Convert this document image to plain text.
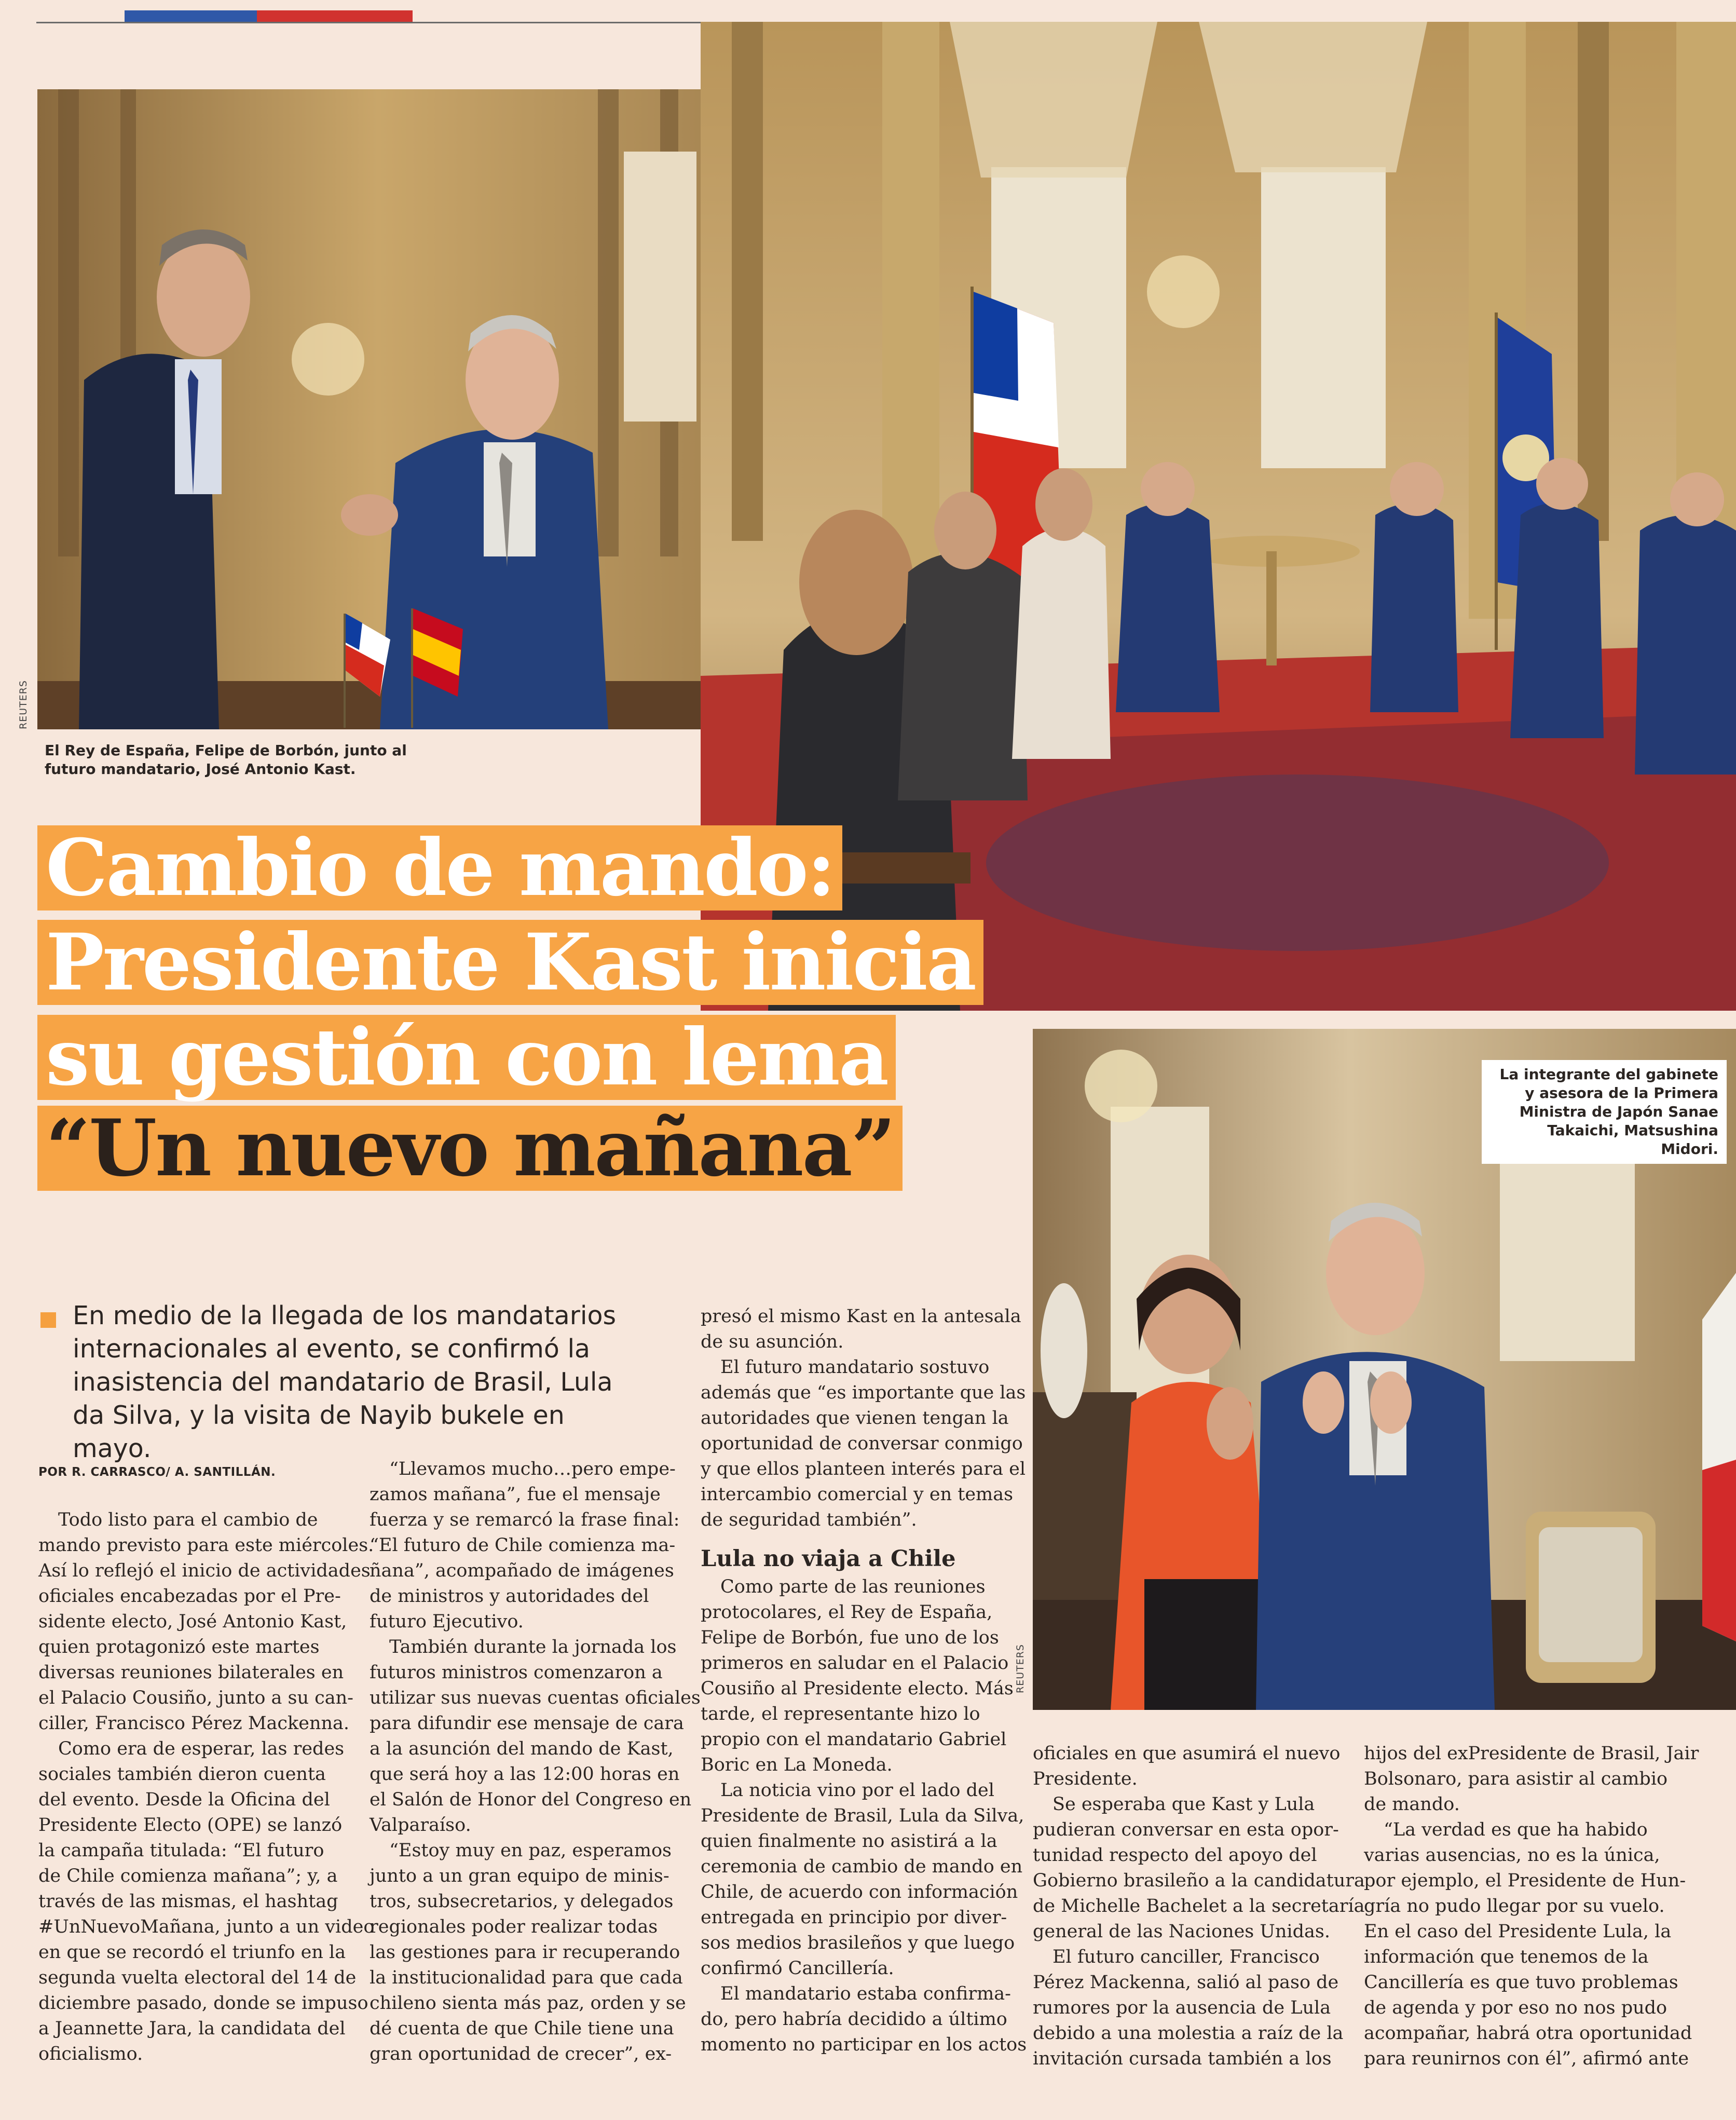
REUTERS
El Rey de España, Felipe de Borbón, junto al futuro mandatario, José Antonio Kast.
Cambio de mando:
Presidente Kast inicia
su gestión con lema
“Un nuevo mañana”
La integrante del gabinete
y asesora de la Primera
Ministra de Japón Sanae
Takaichi, Matsushina Midori.
REUTERS
En medio de la llegada de los mandatarios internacionales al evento, se confirmó la inasistencia del mandatario de Brasil, Lula da Silva, y la visita de Nayib bukele en mayo.
POR R. CARRASCO/ A. SANTILLÁN.

Todo listo para el cambio de

mando previsto para este miércoles.

Así lo reflejó el inicio de actividades

oficiales encabezadas por el Pre-

sidente electo, José Antonio Kast,

quien protagonizó este martes

diversas reuniones bilaterales en

el Palacio Cousiño, junto a su can-

ciller, Francisco Pérez Mackenna.

Como era de esperar, las redes

sociales también dieron cuenta

del evento. Desde la Oficina del

Presidente Electo (OPE) se lanzó

la campaña titulada: “El futuro

de Chile comienza mañana”; y, a

través de las mismas, el hashtag

#UnNuevoMañana, junto a un video

en que se recordó el triunfo en la

segunda vuelta electoral del 14 de

diciembre pasado, donde se impuso

a Jeannette Jara, la candidata del

oficialismo.

“Llevamos mucho…pero empe-

zamos mañana”, fue el mensaje

fuerza y se remarcó la frase final:

“El futuro de Chile comienza ma-

ñana”, acompañado de imágenes

de ministros y autoridades del

futuro Ejecutivo.

También durante la jornada los

futuros ministros comenzaron a

utilizar sus nuevas cuentas oficiales

para difundir ese mensaje de cara

a la asunción del mando de Kast,

que será hoy a las 12:00 horas en

el Salón de Honor del Congreso en

Valparaíso.

“Estoy muy en paz, esperamos

junto a un gran equipo de minis-

tros, subsecretarios, y delegados

regionales poder realizar todas

las gestiones para ir recuperando

la institucionalidad para que cada

chileno sienta más paz, orden y se

dé cuenta de que Chile tiene una

gran oportunidad de crecer”, ex-

presó el mismo Kast en la antesala

de su asunción.

El futuro mandatario sostuvo

además que “es importante que las

autoridades que vienen tengan la

oportunidad de conversar conmigo

y que ellos planteen interés para el

intercambio comercial y en temas

de seguridad también”.

Lula no viaja a Chile

Como parte de las reuniones

protocolares, el Rey de España,

Felipe de Borbón, fue uno de los

primeros en saludar en el Palacio

Cousiño al Presidente electo. Más

tarde, el representante hizo lo

propio con el mandatario Gabriel

Boric en La Moneda.

La noticia vino por el lado del

Presidente de Brasil, Lula da Silva,

quien finalmente no asistirá a la

ceremonia de cambio de mando en

Chile, de acuerdo con información

entregada en principio por diver-

sos medios brasileños y que luego

confirmó Cancillería.

El mandatario estaba confirma-

do, pero habría decidido a último

momento no participar en los actos

oficiales en que asumirá el nuevo

Presidente.

Se esperaba que Kast y Lula

pudieran conversar en esta opor-

tunidad respecto del apoyo del

Gobierno brasileño a la candidatura

de Michelle Bachelet a la secretaría

general de las Naciones Unidas.

El futuro canciller, Francisco

Pérez Mackenna, salió al paso de

rumores por la ausencia de Lula

debido a una molestia a raíz de la

invitación cursada también a los

hijos del exPresidente de Brasil, Jair

Bolsonaro, para asistir al cambio

de mando.

“La verdad es que ha habido

varias ausencias, no es la única,

por ejemplo, el Presidente de Hun-

gría no pudo llegar por su vuelo.

En el caso del Presidente Lula, la

información que tenemos de la

Cancillería es que tuvo problemas

de agenda y por eso no nos pudo

acompañar, habrá otra oportunidad

para reunirnos con él”, afirmó ante
